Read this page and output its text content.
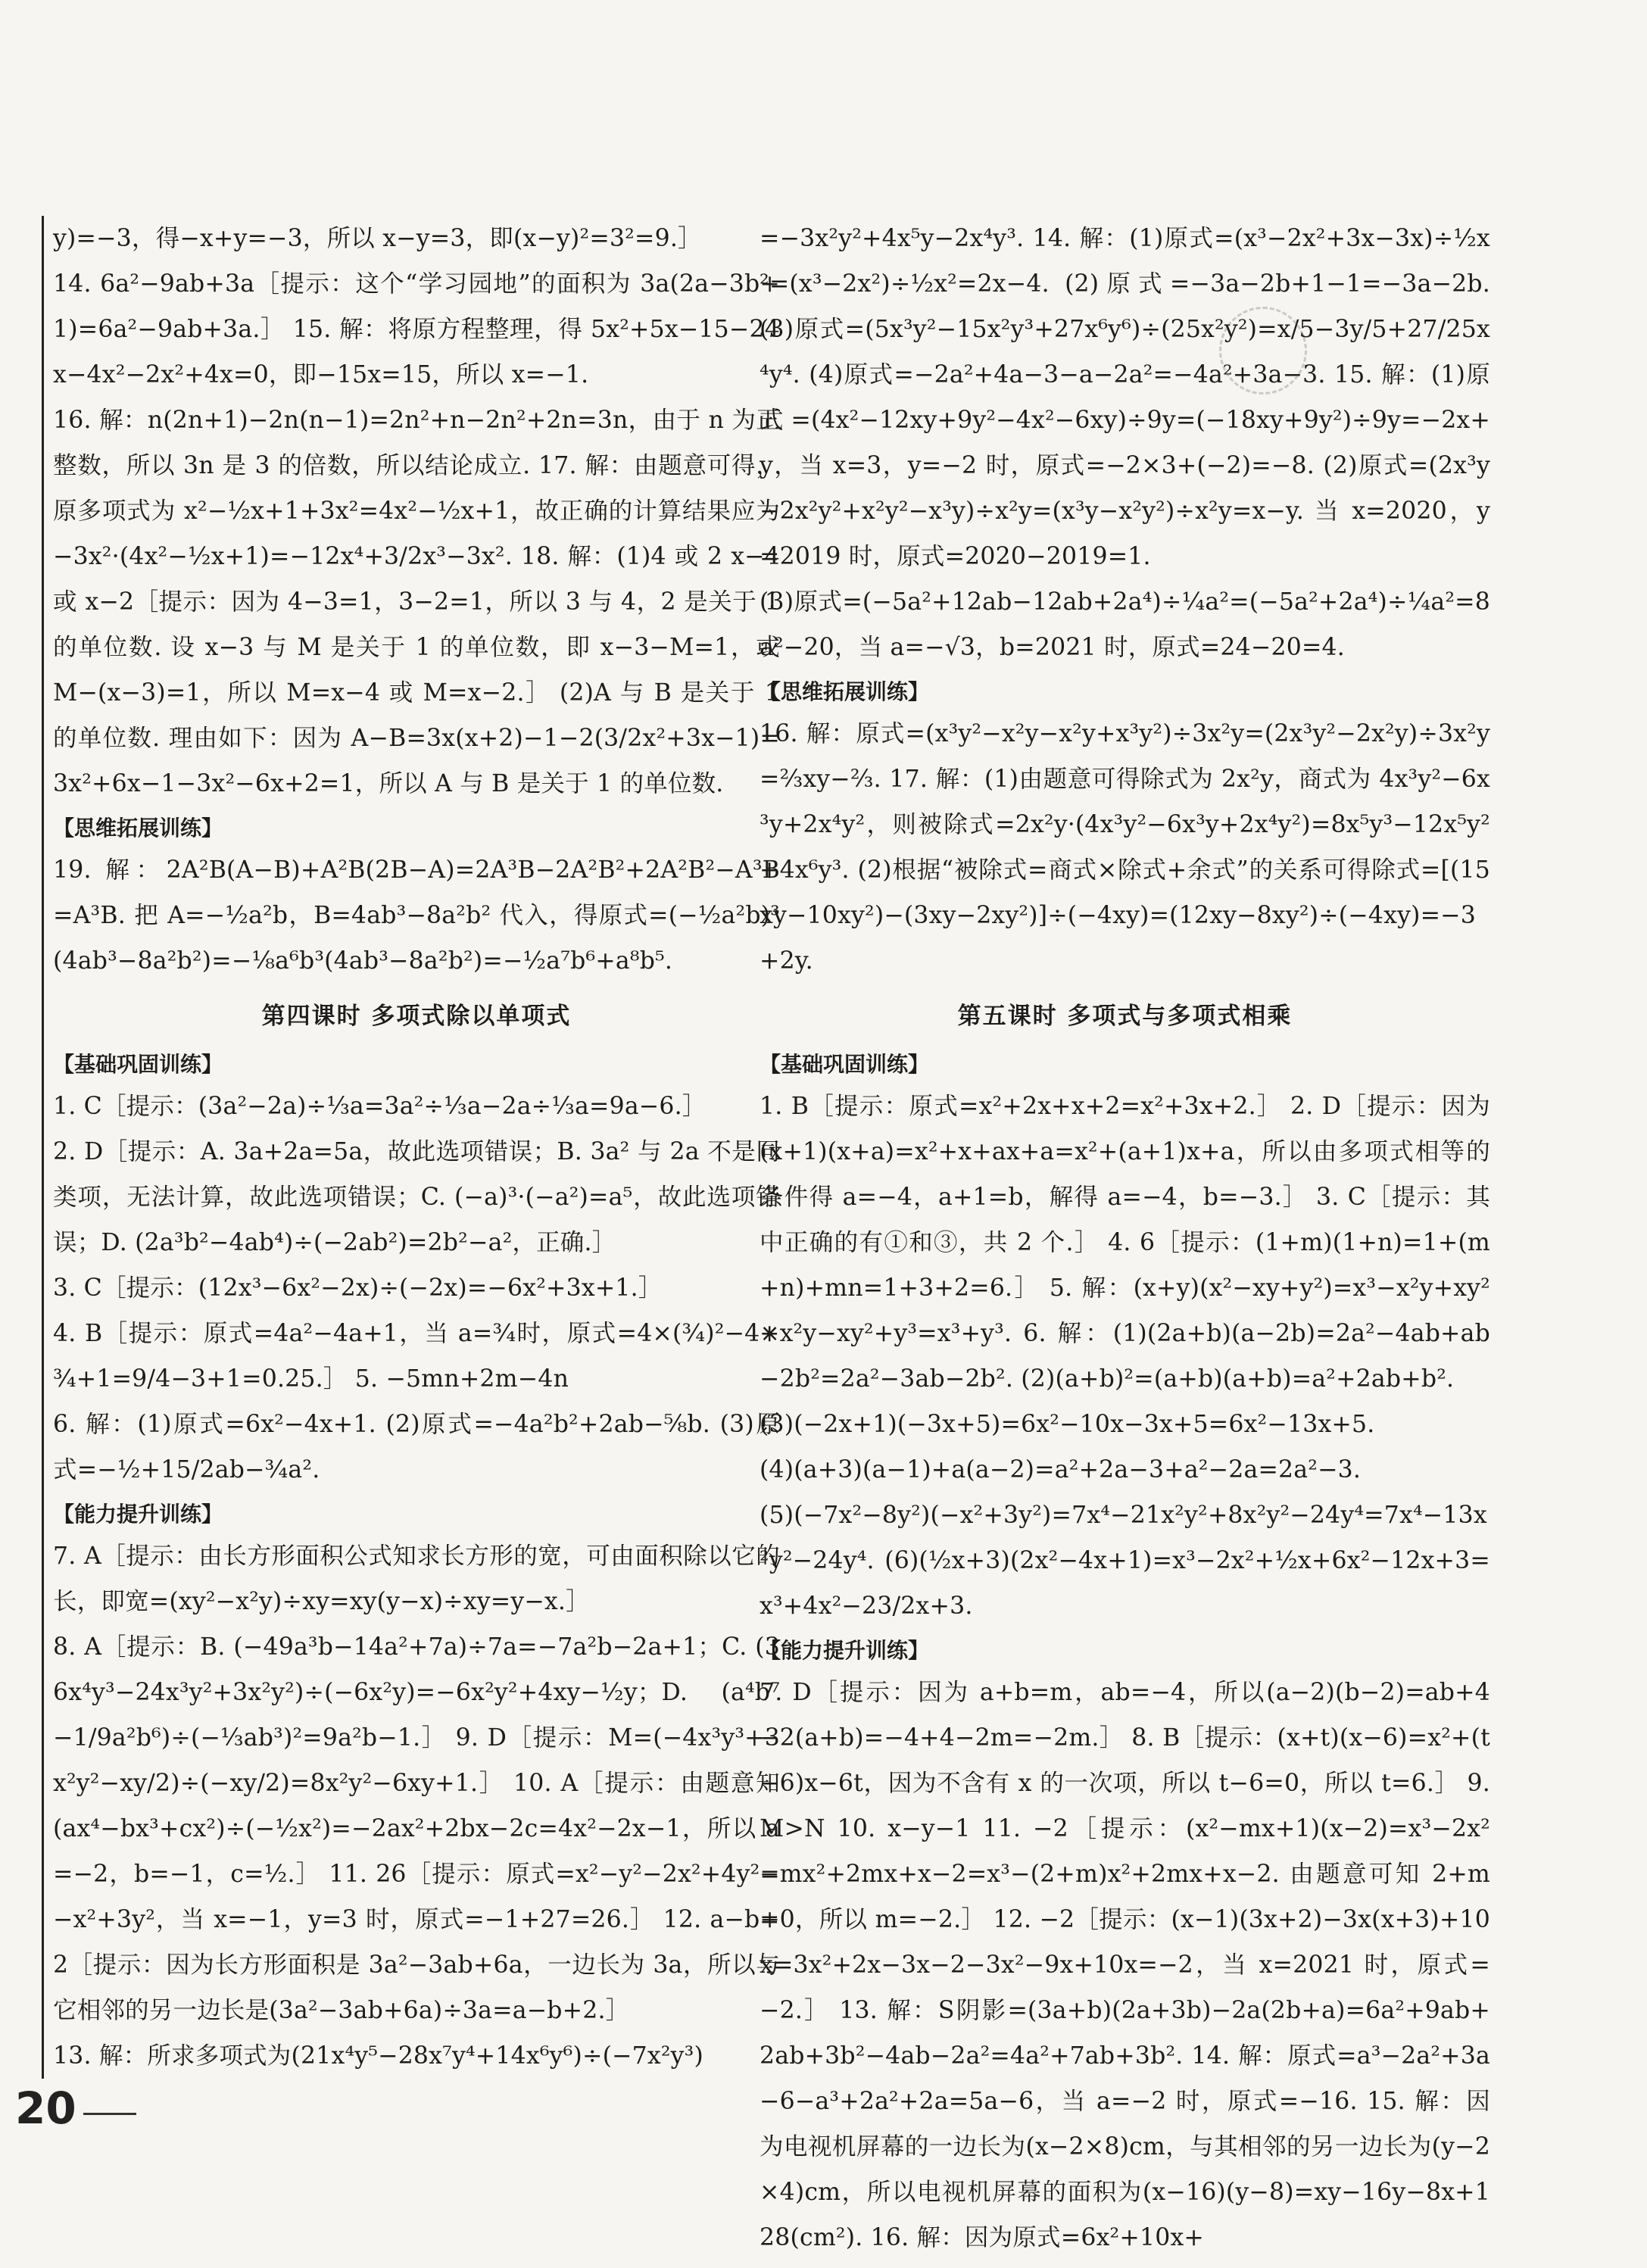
y)=−3，得−x+y=−3，所以 x−y=3，即(x−y)²=3²=9.］

14. 6a²−9ab+3a［提示：这个“学习园地”的面积为 3a(2a−3b+1)=6a²−9ab+3a.］ 15. 解：将原方程整理，得 5x²+5x−15−24x−4x²−2x²+4x=0，即−15x=15，所以 x=−1.

16. 解：n(2n+1)−2n(n−1)=2n²+n−2n²+2n=3n，由于 n 为正整数，所以 3n 是 3 的倍数，所以结论成立. 17. 解：由题意可得，原多项式为 x²−½x+1+3x²=4x²−½x+1，故正确的计算结果应为−3x²·(4x²−½x+1)=−12x⁴+3/2x³−3x². 18. 解：(1)4 或 2 x−4 或 x−2［提示：因为 4−3=1，3−2=1，所以 3 与 4，2 是关于 1 的单位数. 设 x−3 与 M 是关于 1 的单位数，即 x−3−M=1，或 M−(x−3)=1，所以 M=x−4 或 M=x−2.］ (2)A 与 B 是关于 1 的单位数. 理由如下：因为 A−B=3x(x+2)−1−2(3/2x²+3x−1)=3x²+6x−1−3x²−6x+2=1，所以 A 与 B 是关于 1 的单位数.

【思维拓展训练】

19. 解：2A²B(A−B)+A²B(2B−A)=2A³B−2A²B²+2A²B²−A³B=A³B. 把 A=−½a²b，B=4ab³−8a²b² 代入，得原式=(−½a²b)³(4ab³−8a²b²)=−⅛a⁶b³(4ab³−8a²b²)=−½a⁷b⁶+a⁸b⁵.

第四课时 多项式除以单项式

【基础巩固训练】

1. C［提示：(3a²−2a)÷⅓a=3a²÷⅓a−2a÷⅓a=9a−6.］

2. D［提示：A. 3a+2a=5a，故此选项错误；B. 3a² 与 2a 不是同类项，无法计算，故此选项错误；C. (−a)³·(−a²)=a⁵，故此选项错误；D. (2a³b²−4ab⁴)÷(−2ab²)=2b²−a²，正确.］

3. C［提示：(12x³−6x²−2x)÷(−2x)=−6x²+3x+1.］

4. B［提示：原式=4a²−4a+1，当 a=¾时，原式=4×(¾)²−4×¾+1=9/4−3+1=0.25.］ 5. −5mn+2m−4n

6. 解：(1)原式=6x²−4x+1. (2)原式=−4a²b²+2ab−⅝b. (3)原式=−½+15/2ab−¾a².

【能力提升训练】

7. A［提示：由长方形面积公式知求长方形的宽，可由面积除以它的长，即宽=(xy²−x²y)÷xy=xy(y−x)÷xy=y−x.］

8. A［提示：B. (−49a³b−14a²+7a)÷7a=−7a²b−2a+1；C. (36x⁴y³−24x³y²+3x²y²)÷(−6x²y)=−6x²y²+4xy−½y；D. (a⁴b⁷−1/9a²b⁶)÷(−⅓ab³)²=9a²b−1.］ 9. D［提示：M=(−4x³y³+3x²y²−xy/2)÷(−xy/2)=8x²y²−6xy+1.］ 10. A［提示：由题意知(ax⁴−bx³+cx²)÷(−½x²)=−2ax²+2bx−2c=4x²−2x−1，所以 a=−2，b=−1，c=½.］ 11. 26［提示：原式=x²−y²−2x²+4y²=−x²+3y²，当 x=−1，y=3 时，原式=−1+27=26.］ 12. a−b+2［提示：因为长方形面积是 3a²−3ab+6a，一边长为 3a，所以与它相邻的另一边长是(3a²−3ab+6a)÷3a=a−b+2.］

13. 解：所求多项式为(21x⁴y⁵−28x⁷y⁴+14x⁶y⁶)÷(−7x²y³)

=−3x²y²+4x⁵y−2x⁴y³. 14. 解：(1)原式=(x³−2x²+3x−3x)÷½x²=(x³−2x²)÷½x²=2x−4. (2)原式=−3a−2b+1−1=−3a−2b. (3)原式=(5x³y²−15x²y³+27x⁶y⁶)÷(25x²y²)=x/5−3y/5+27/25x⁴y⁴. (4)原式=−2a²+4a−3−a−2a²=−4a²+3a−3. 15. 解：(1)原式=(4x²−12xy+9y²−4x²−6xy)÷9y=(−18xy+9y²)÷9y=−2x+y，当 x=3，y=−2 时，原式=−2×3+(−2)=−8. (2)原式=(2x³y−2x²y²+x²y²−x³y)÷x²y=(x³y−x²y²)÷x²y=x−y. 当 x=2020，y=2019 时，原式=2020−2019=1.

(3)原式=(−5a²+12ab−12ab+2a⁴)÷¼a²=(−5a²+2a⁴)÷¼a²=8a²−20，当 a=−√3，b=2021 时，原式=24−20=4.

【思维拓展训练】

16. 解：原式=(x³y²−x²y−x²y+x³y²)÷3x²y=(2x³y²−2x²y)÷3x²y=⅔xy−⅔. 17. 解：(1)由题意可得除式为 2x²y，商式为 4x³y²−6x³y+2x⁴y²，则被除式=2x²y·(4x³y²−6x³y+2x⁴y²)=8x⁵y³−12x⁵y²+4x⁶y³. (2)根据“被除式=商式×除式+余式”的关系可得除式=[(15xy−10xy²)−(3xy−2xy²)]÷(−4xy)=(12xy−8xy²)÷(−4xy)=−3+2y.

第五课时 多项式与多项式相乘

【基础巩固训练】

1. B［提示：原式=x²+2x+x+2=x²+3x+2.］ 2. D［提示：因为(x+1)(x+a)=x²+x+ax+a=x²+(a+1)x+a，所以由多项式相等的条件得 a=−4，a+1=b，解得 a=−4，b=−3.］ 3. C［提示：其中正确的有①和③，共 2 个.］ 4. 6［提示：(1+m)(1+n)=1+(m+n)+mn=1+3+2=6.］ 5. 解：(x+y)(x²−xy+y²)=x³−x²y+xy²+x²y−xy²+y³=x³+y³. 6. 解：(1)(2a+b)(a−2b)=2a²−4ab+ab−2b²=2a²−3ab−2b². (2)(a+b)²=(a+b)(a+b)=a²+2ab+b².

(3)(−2x+1)(−3x+5)=6x²−10x−3x+5=6x²−13x+5.

(4)(a+3)(a−1)+a(a−2)=a²+2a−3+a²−2a=2a²−3.

(5)(−7x²−8y²)(−x²+3y²)=7x⁴−21x²y²+8x²y²−24y⁴=7x⁴−13x²y²−24y⁴. (6)(½x+3)(2x²−4x+1)=x³−2x²+½x+6x²−12x+3= x³+4x²−23/2x+3.

【能力提升训练】

7. D［提示：因为 a+b=m，ab=−4，所以(a−2)(b−2)=ab+4−2(a+b)=−4+4−2m=−2m.］ 8. B［提示：(x+t)(x−6)=x²+(t−6)x−6t，因为不含有 x 的一次项，所以 t−6=0，所以 t=6.］ 9. M>N 10. x−y−1 11. −2［提示：(x²−mx+1)(x−2)=x³−2x²−mx²+2mx+x−2=x³−(2+m)x²+2mx+x−2. 由题意可知 2+m=0，所以 m=−2.］ 12. −2［提示：(x−1)(3x+2)−3x(x+3)+10x=3x²+2x−3x−2−3x²−9x+10x=−2，当 x=2021 时，原式=−2.］ 13. 解：S阴影=(3a+b)(2a+3b)−2a(2b+a)=6a²+9ab+2ab+3b²−4ab−2a²=4a²+7ab+3b². 14. 解：原式=a³−2a²+3a−6−a³+2a²+2a=5a−6，当 a=−2 时，原式=−16. 15. 解：因为电视机屏幕的一边长为(x−2×8)cm，与其相邻的另一边长为(y−2×4)cm，所以电视机屏幕的面积为(x−16)(y−8)=xy−16y−8x+128(cm²). 16. 解：因为原式=6x²+10x+

20
